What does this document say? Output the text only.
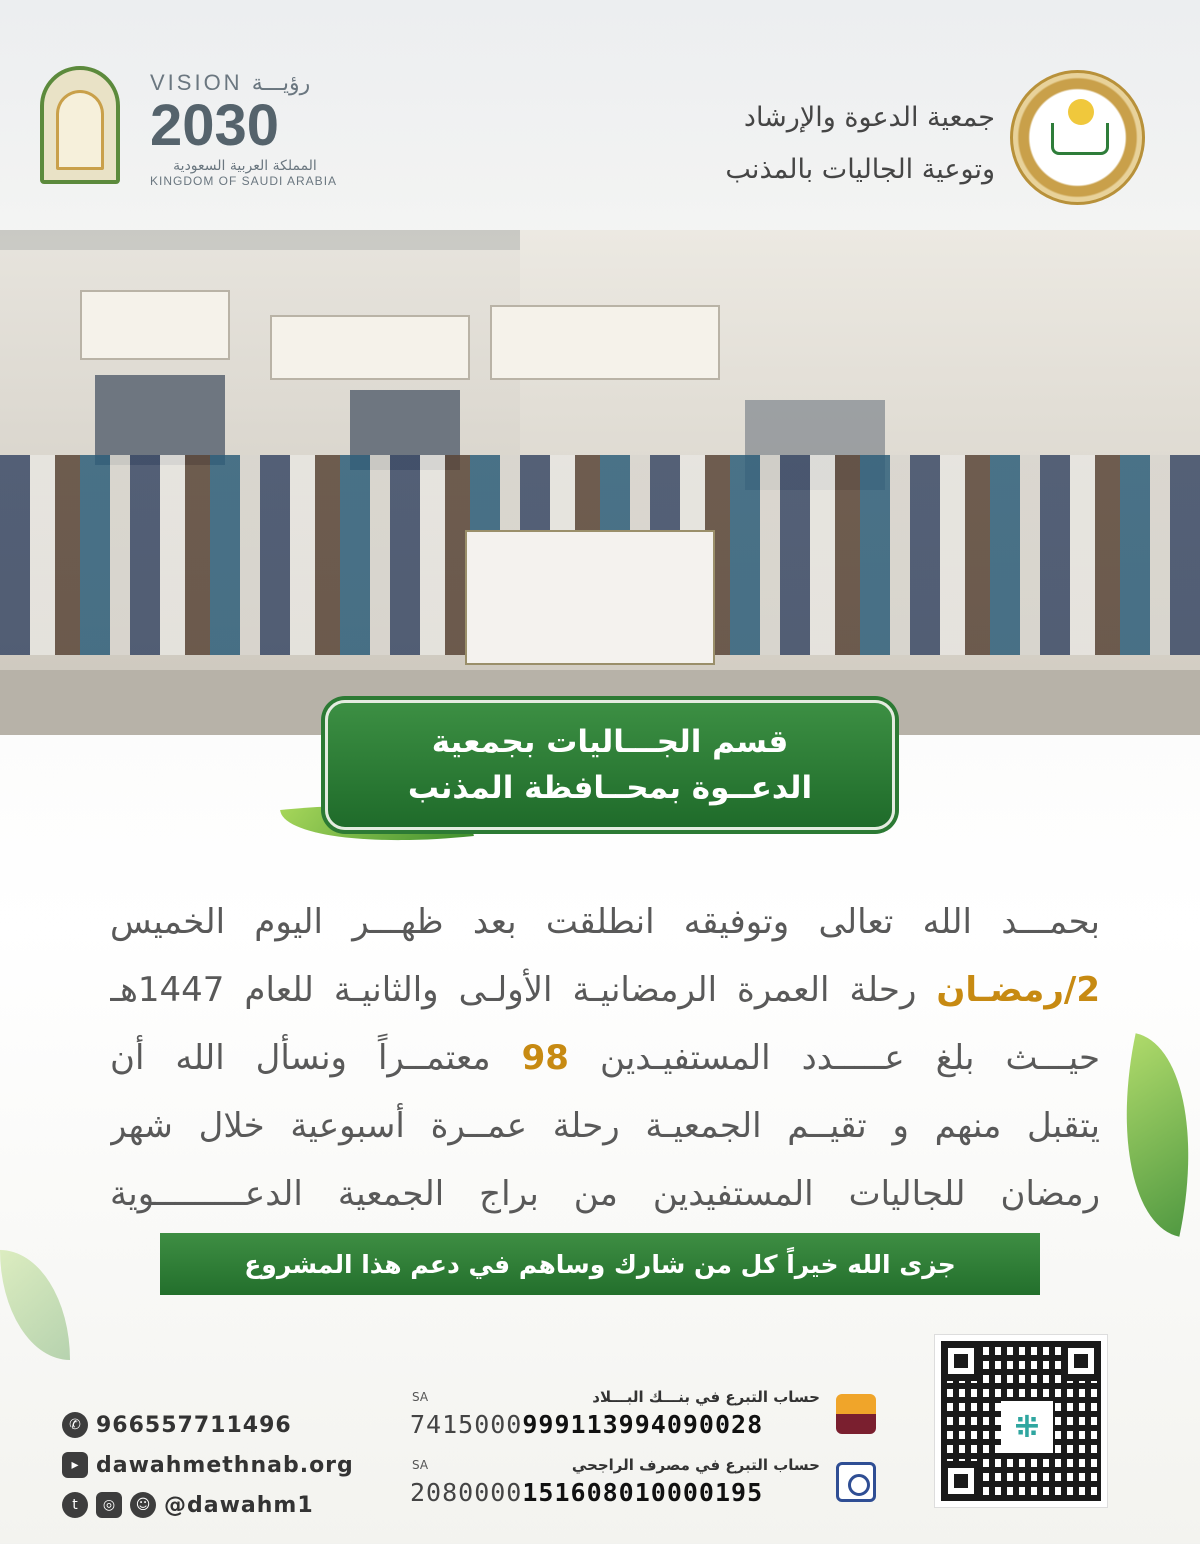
جمعية الدعوة والإرشاد
وتوعية الجاليات بالمذنب
VISION رؤيـــة
2030
المملكة العربية السعودية
KINGDOM OF SAUDI ARABIA
قسم الجـــاليات بجمعية
الدعــوة بمحــافظة المذنب
بحمـــد الله تعالى وتوفيقه انطلقت بعد ظهـــر اليوم الخميس
2/رمضـان رحلة العمرة الرمضانيـة الأولـى والثانيـة للعام 1447هـ
حيـــث بلغ عـــــدد المستفيـدين 98 معتمــراً ونسأل الله أن
يتقبل منهم و تقيــم الجمعيـة رحلة عمــرة أسبوعية خلال شهر
رمضان للجاليات المستفيدين من براج الجمعية الدعـــــــــوية
جزى الله خيراً كل من شارك وساهم في دعم هذا المشروع
⁜
حساب التبرع في بنـــك البـــلاد
SA
7415000999113994090028
حساب التبرع في مصرف الراجحي
SA
2080000151608010000195
✆ 966557711496
▸ dawahmethnab.org
t	◎	☺ @dawahm1
